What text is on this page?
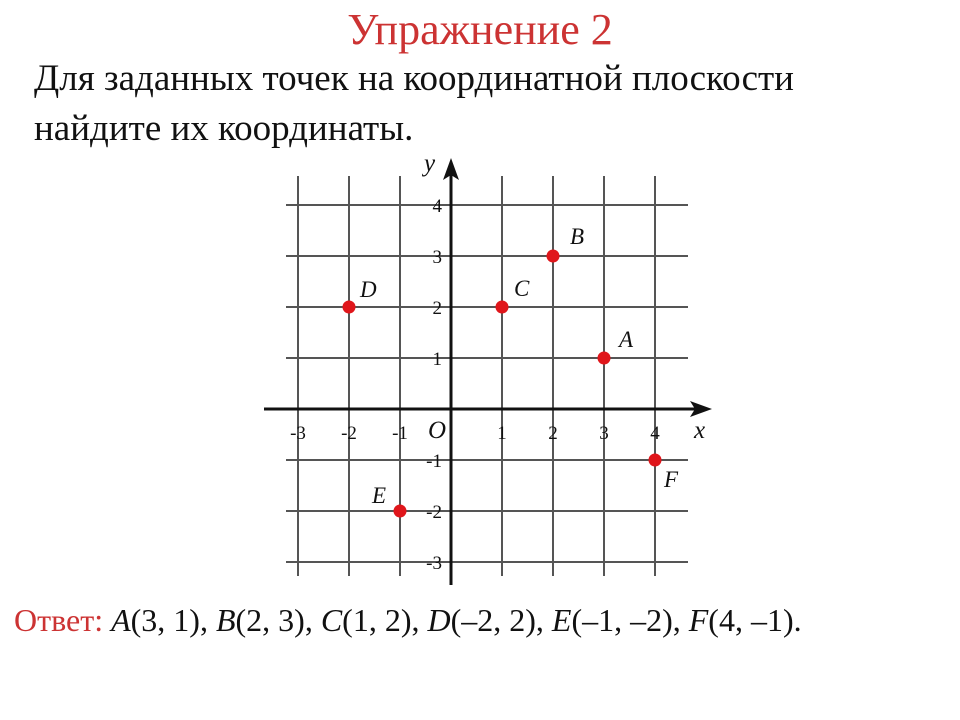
Упражнение 2
Для заданных точек на координатной плоскости
найдите их координаты.
x
y
O
-3 -2 -1	1 2 3 4
4
3
2
1
-1
-2
-3
A
B
C
D
E
F
Ответ: A(3, 1), B(2, 3), C(1, 2), D(–2, 2), E(–1, –2), F(4, –1).
